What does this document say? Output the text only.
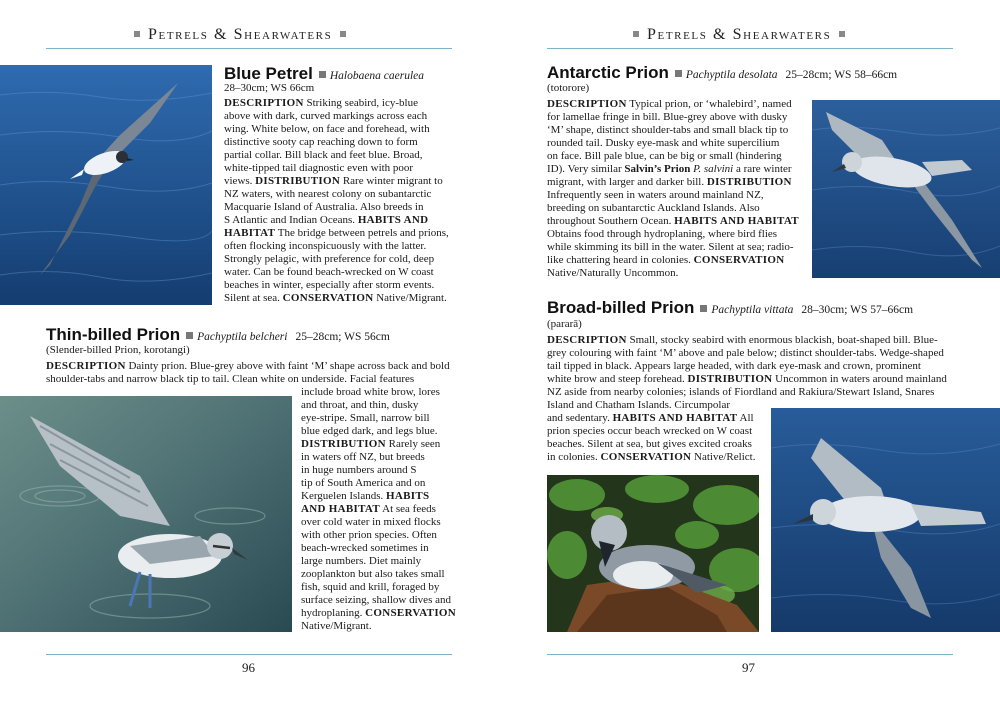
Petrels & Shearwaters
Blue Petrel Halobaena caerulea
28–30cm; WS 66cm
DESCRIPTION Striking seabird, icy-blue
above with dark, curved markings across each
wing. White below, on face and forehead, with
distinctive sooty cap reaching down to form
partial collar. Bill black and feet blue. Broad,
white-tipped tail diagnostic even with poor
views. DISTRIBUTION Rare winter migrant to
NZ waters, with nearest colony on subantarctic
Macquarie Island of Australia. Also breeds in
S Atlantic and Indian Oceans. HABITS AND
HABITAT The bridge between petrels and prions,
often flocking inconspicuously with the latter.
Strongly pelagic, with preference for cold, deep
water. Can be found beach-wrecked on W coast
beaches in winter, especially after storm events.
Silent at sea. CONSERVATION Native/Migrant.
Thin-billed Prion Pachyptila belcheri 25–28cm; WS 56cm
(Slender-billed Prion, korotangi)
DESCRIPTION Dainty prion. Blue-grey above with faint ‘M’ shape across back and bold
shoulder-tabs and narrow black tip to tail. Clean white on underside. Facial features
include broad white brow, lores
and throat, and thin, dusky
eye-stripe. Small, narrow bill
blue edged dark, and legs blue.
DISTRIBUTION Rarely seen
in waters off NZ, but breeds
in huge numbers around S
tip of South America and on
Kerguelen Islands. HABITS
AND HABITAT At sea feeds
over cold water in mixed flocks
with other prion species. Often
beach-wrecked sometimes in
large numbers. Diet mainly
zooplankton but also takes small
fish, squid and krill, foraged by
surface seizing, shallow dives and
hydroplaning. CONSERVATION
Native/Migrant.
96
Petrels & Shearwaters
Antarctic Prion Pachyptila desolata 25–28cm; WS 58–66cm
(totorore)
DESCRIPTION Typical prion, or ‘whalebird’, named
for lamellae fringe in bill. Blue-grey above with dusky
‘M’ shape, distinct shoulder-tabs and small black tip to
rounded tail. Dusky eye-mask and white supercilium
on face. Bill pale blue, can be big or small (hindering
ID). Very similar Salvin’s Prion P. salvini a rare winter
migrant, with larger and darker bill. DISTRIBUTION
Infrequently seen in waters around mainland NZ,
breeding on subantarctic Auckland Islands. Also
throughout Southern Ocean. HABITS AND HABITAT
Obtains food through hydroplaning, where bird flies
while skimming its bill in the water. Silent at sea; radio-
like chattering heard in colonies. CONSERVATION
Native/Naturally Uncommon.
Broad-billed Prion Pachyptila vittata 28–30cm; WS 57–66cm
(pararā)
DESCRIPTION Small, stocky seabird with enormous blackish, boat-shaped bill. Blue-
grey colouring with faint ‘M’ above and pale below; distinct shoulder-tabs. Wedge-shaped
tail tipped in black. Appears large headed, with dark eye-mask and crown, prominent
white brow and steep forehead. DISTRIBUTION Uncommon in waters around mainland
NZ aside from nearby colonies; islands of Fiordland and Rakiura/Stewart Island, Snares
Island and Chatham Islands. Circumpolar
and sedentary. HABITS AND HABITAT All
prion species occur beach wrecked on W coast
beaches. Silent at sea, but gives excited croaks
in colonies. CONSERVATION Native/Relict.
97
